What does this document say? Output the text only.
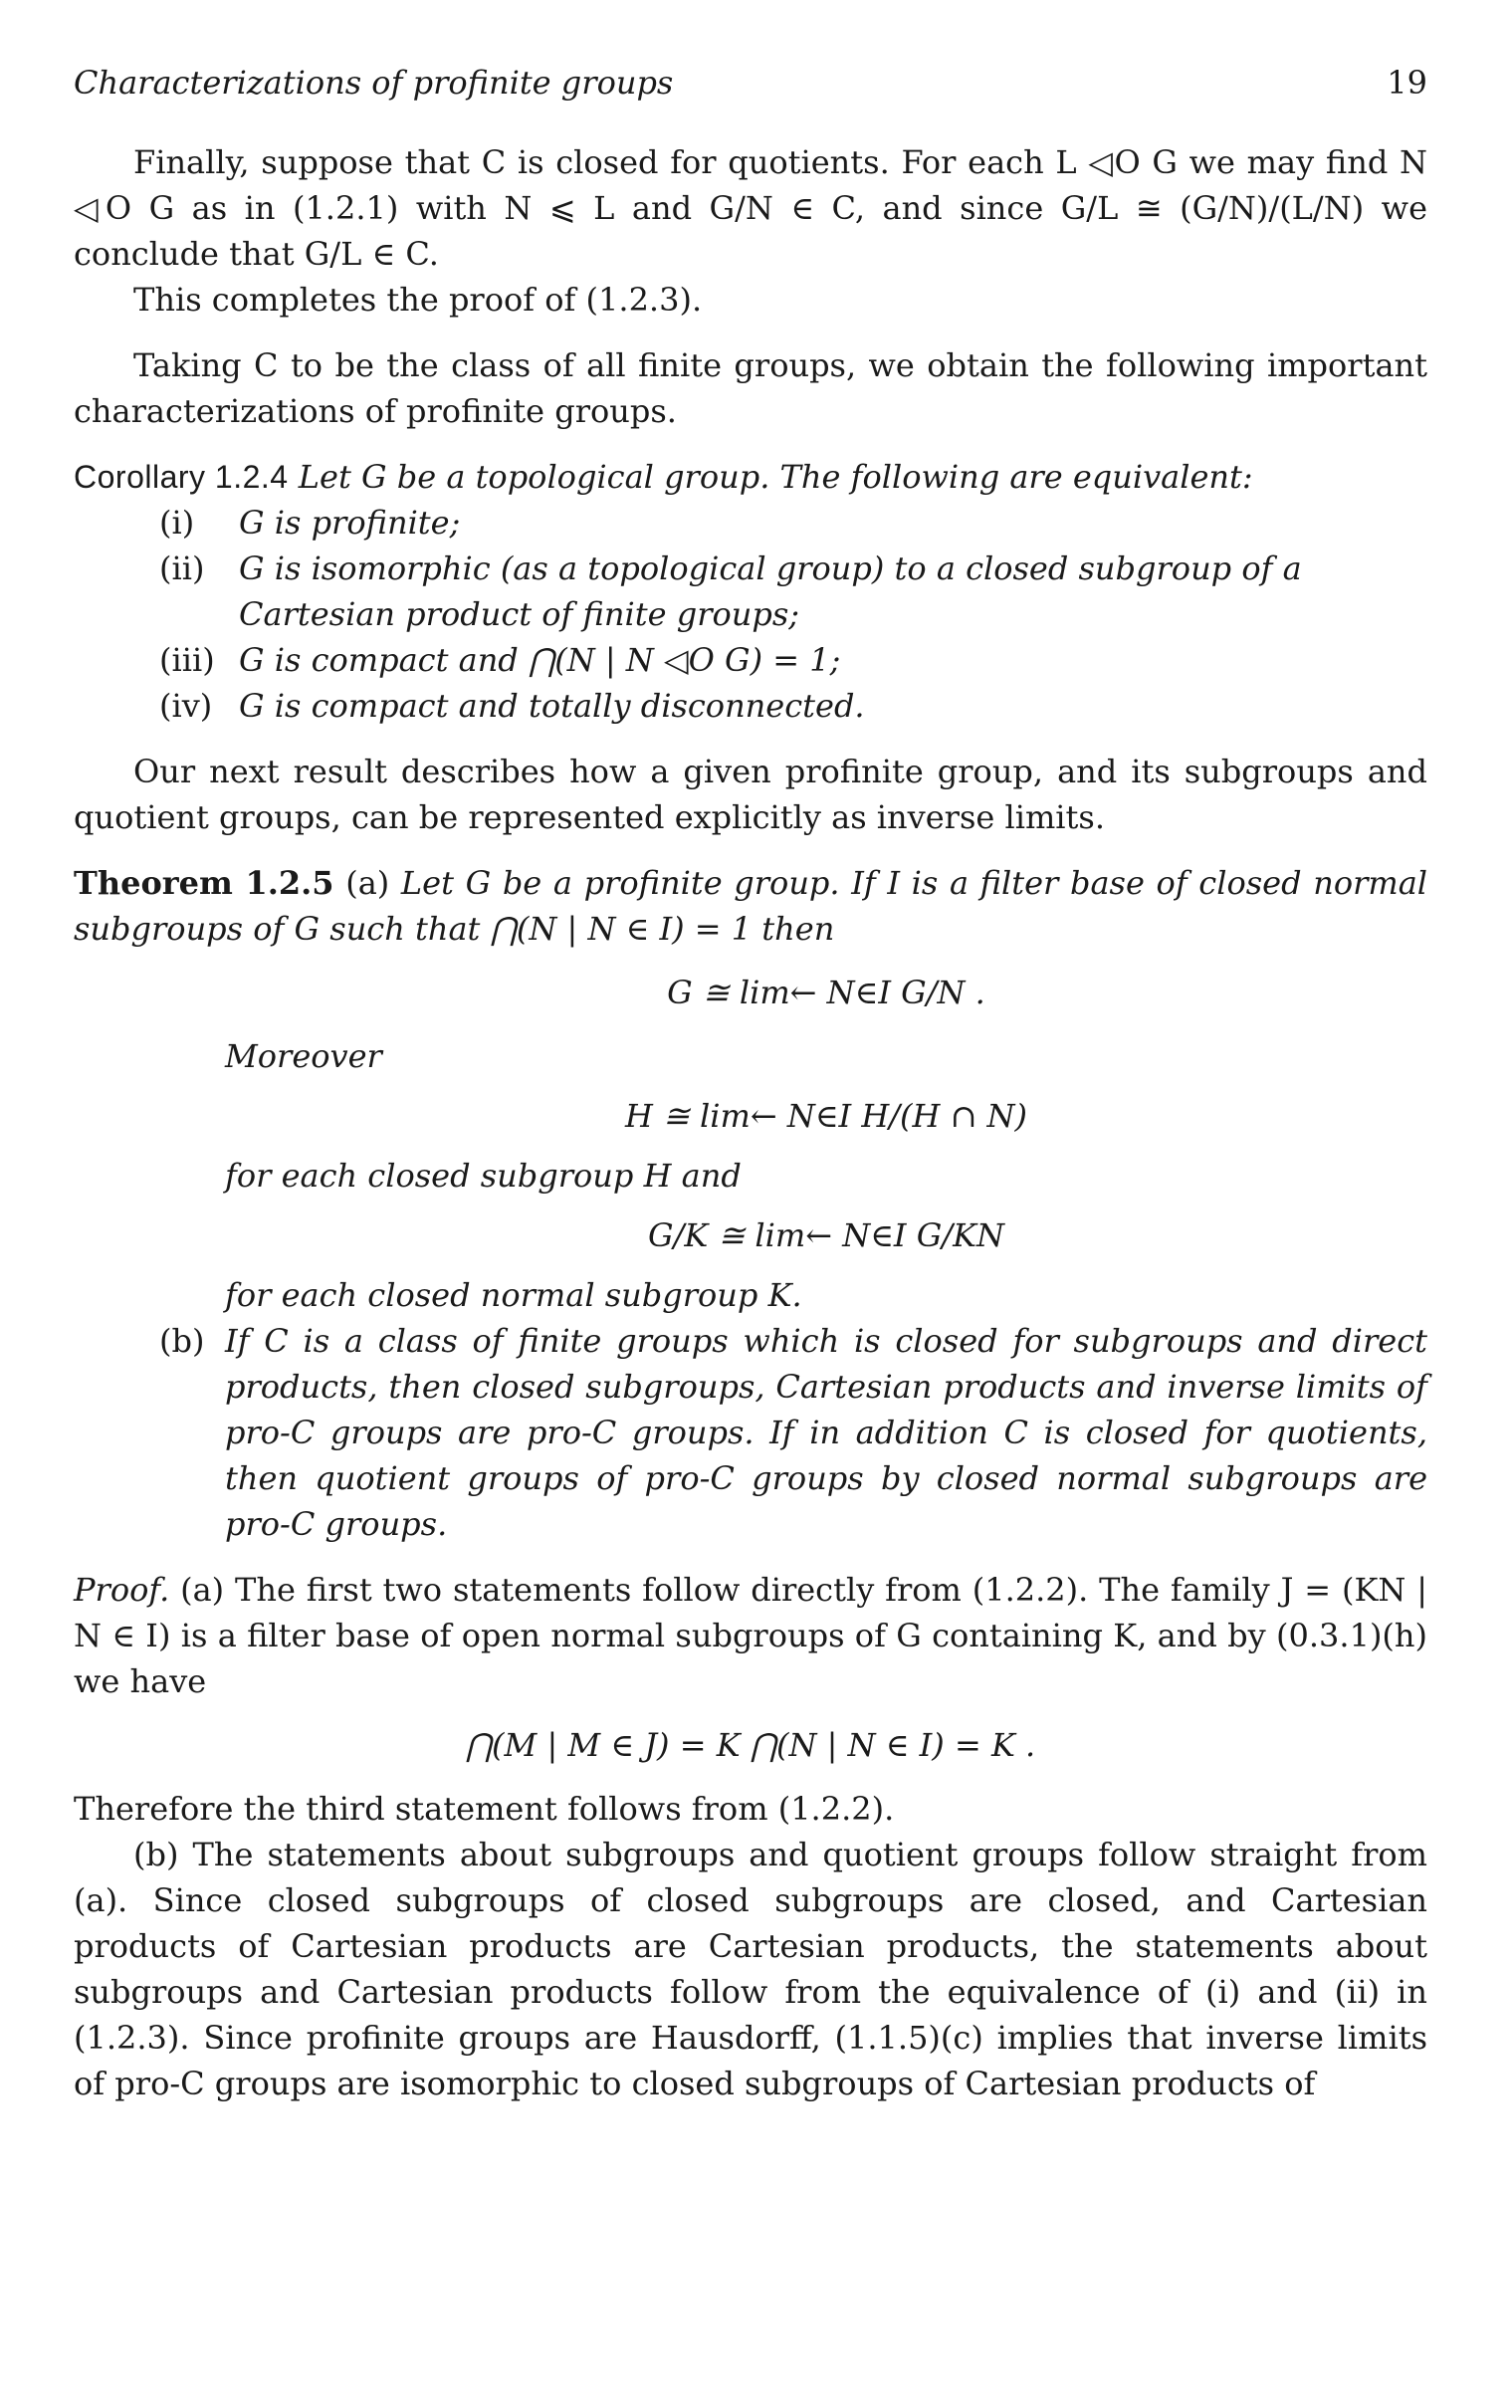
Characterizations of profinite groups	19

Finally, suppose that C is closed for quotients. For each L ◁O G we may find N ◁O G as in (1.2.1) with N ⩽ L and G/N ∈ C, and since G/L ≅ (G/N)/(L/N) we conclude that G/L ∈ C.

This completes the proof of (1.2.3).

Taking C to be the class of all finite groups, we obtain the following important characterizations of profinite groups.

Corollary 1.2.4 Let G be a topological group. The following are equivalent:

(i) G is profinite;
(ii) G is isomorphic (as a topological group) to a closed subgroup of a Cartesian product of finite groups;
(iii) G is compact and ⋂(N | N ◁O G) = 1;
(iv) G is compact and totally disconnected.

Our next result describes how a given profinite group, and its subgroups and quotient groups, can be represented explicitly as inverse limits.

Theorem 1.2.5 (a) Let G be a profinite group. If I is a filter base of closed normal subgroups of G such that ⋂(N | N ∈ I) = 1 then

G ≅ lim← N∈I G/N .
Moreover
H ≅ lim← N∈I H/(H ∩ N)
for each closed subgroup H and
G/K ≅ lim← N∈I G/KN
for each closed normal subgroup K.

(b) If C is a class of finite groups which is closed for subgroups and direct products, then closed subgroups, Cartesian products and inverse limits of pro-C groups are pro-C groups. If in addition C is closed for quotients, then quotient groups of pro-C groups by closed normal subgroups are pro-C groups.

Proof. (a) The first two statements follow directly from (1.2.2). The family J = (KN | N ∈ I) is a filter base of open normal subgroups of G containing K, and by (0.3.1)(h) we have

⋂(M | M ∈ J) = K ⋂(N | N ∈ I) = K .

Therefore the third statement follows from (1.2.2).

(b) The statements about subgroups and quotient groups follow straight from (a). Since closed subgroups of closed subgroups are closed, and Cartesian products of Cartesian products are Cartesian products, the statements about subgroups and Cartesian products follow from the equivalence of (i) and (ii) in (1.2.3). Since profinite groups are Hausdorff, (1.1.5)(c) implies that inverse limits of pro-C groups are isomorphic to closed subgroups of Cartesian products of
